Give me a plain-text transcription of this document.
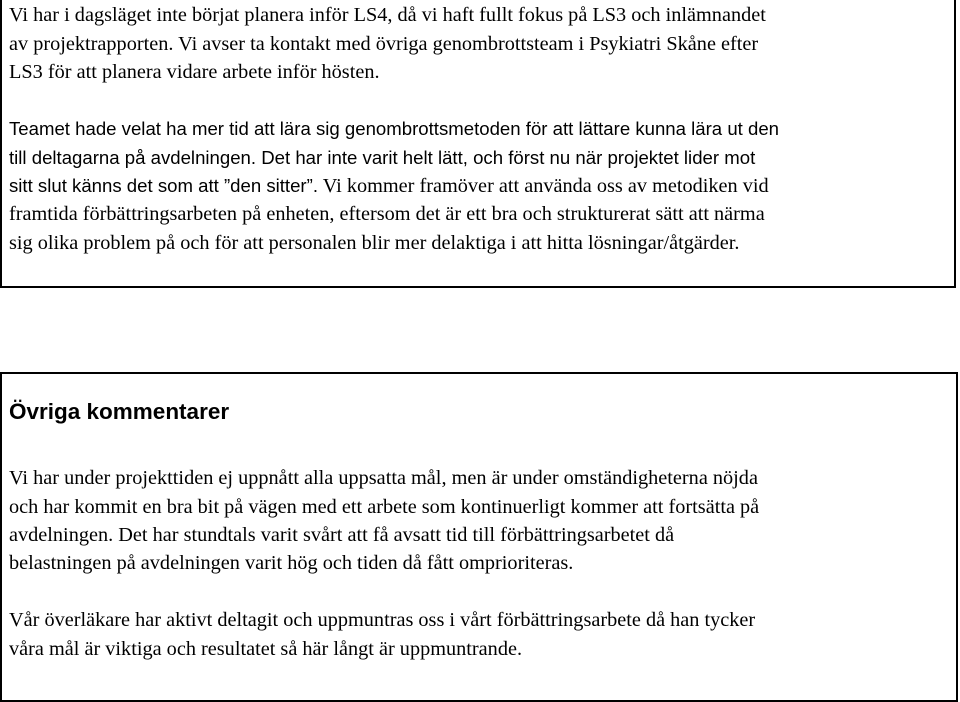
Vi har i dagsläget inte börjat planera inför LS4, då vi haft fullt fokus på LS3 och inlämnandet
av projektrapporten. Vi avser ta kontakt med övriga genombrottsteam i Psykiatri Skåne efter
LS3 för att planera vidare arbete inför hösten.
Teamet hade velat ha mer tid att lära sig genombrottsmetoden för att lättare kunna lära ut den
till deltagarna på avdelningen. Det har inte varit helt lätt, och först nu när projektet lider mot
sitt slut känns det som att ”den sitter”. Vi kommer framöver att använda oss av metodiken vid
framtida förbättringsarbeten på enheten, eftersom det är ett bra och strukturerat sätt att närma
sig olika problem på och för att personalen blir mer delaktiga i att hitta lösningar/åtgärder.
Övriga kommentarer
Vi har under projekttiden ej uppnått alla uppsatta mål, men är under omständigheterna nöjda
och har kommit en bra bit på vägen med ett arbete som kontinuerligt kommer att fortsätta på
avdelningen. Det har stundtals varit svårt att få avsatt tid till förbättringsarbetet då
belastningen på avdelningen varit hög och tiden då fått omprioriteras.
Vår överläkare har aktivt deltagit och uppmuntras oss i vårt förbättringsarbete då han tycker
våra mål är viktiga och resultatet så här långt är uppmuntrande.
